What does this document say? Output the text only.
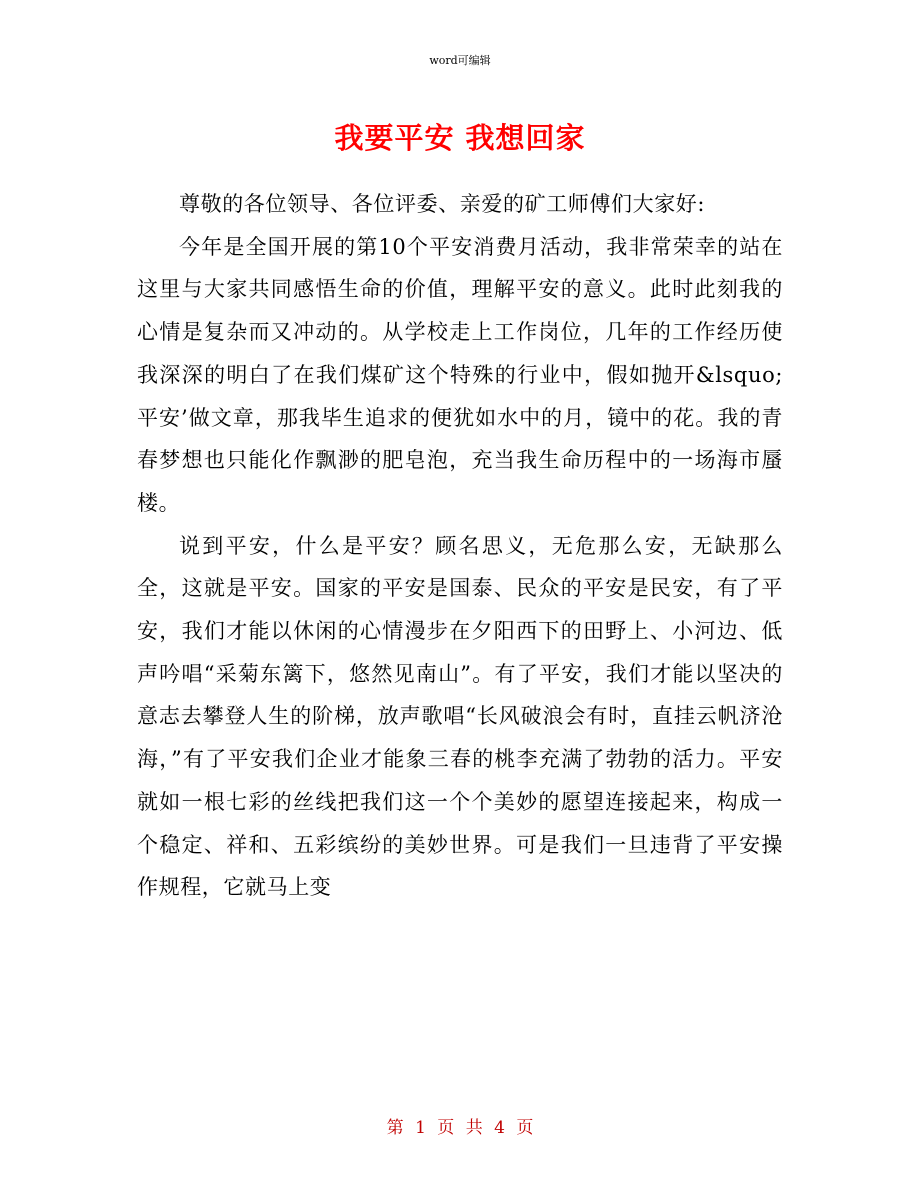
word可编辑
我要平安 我想回家

尊敬的各位领导、各位评委、亲爱的矿工师傅们大家好:

今年是全国开展的第10个平安消费月活动，我非常荣幸的站在这里与大家共同感悟生命的价值，理解平安的意义。此时此刻我的心情是复杂而又冲动的。从学校走上工作岗位，几年的工作经历使我深深的明白了在我们煤矿这个特殊的行业中，假如抛开&lsquo;平安’做文章，那我毕生追求的便犹如水中的月，镜中的花。我的青春梦想也只能化作飘渺的肥皂泡，充当我生命历程中的一场海市蜃楼。

说到平安，什么是平安？顾名思义，无危那么安，无缺那么全，这就是平安。国家的平安是国泰、民众的平安是民安，有了平安，我们才能以休闲的心情漫步在夕阳西下的田野上、小河边、低声吟唱“采菊东篱下，悠然见南山”。有了平安，我们才能以坚决的意志去攀登人生的阶梯，放声歌唱“长风破浪会有时，直挂云帆济沧海，”有了平安我们企业才能象三春的桃李充满了勃勃的活力。平安就如一根七彩的丝线把我们这一个个美妙的愿望连接起来，构成一个稳定、祥和、五彩缤纷的美妙世界。可是我们一旦违背了平安操作规程，它就马上变

第 1 页 共 4 页
